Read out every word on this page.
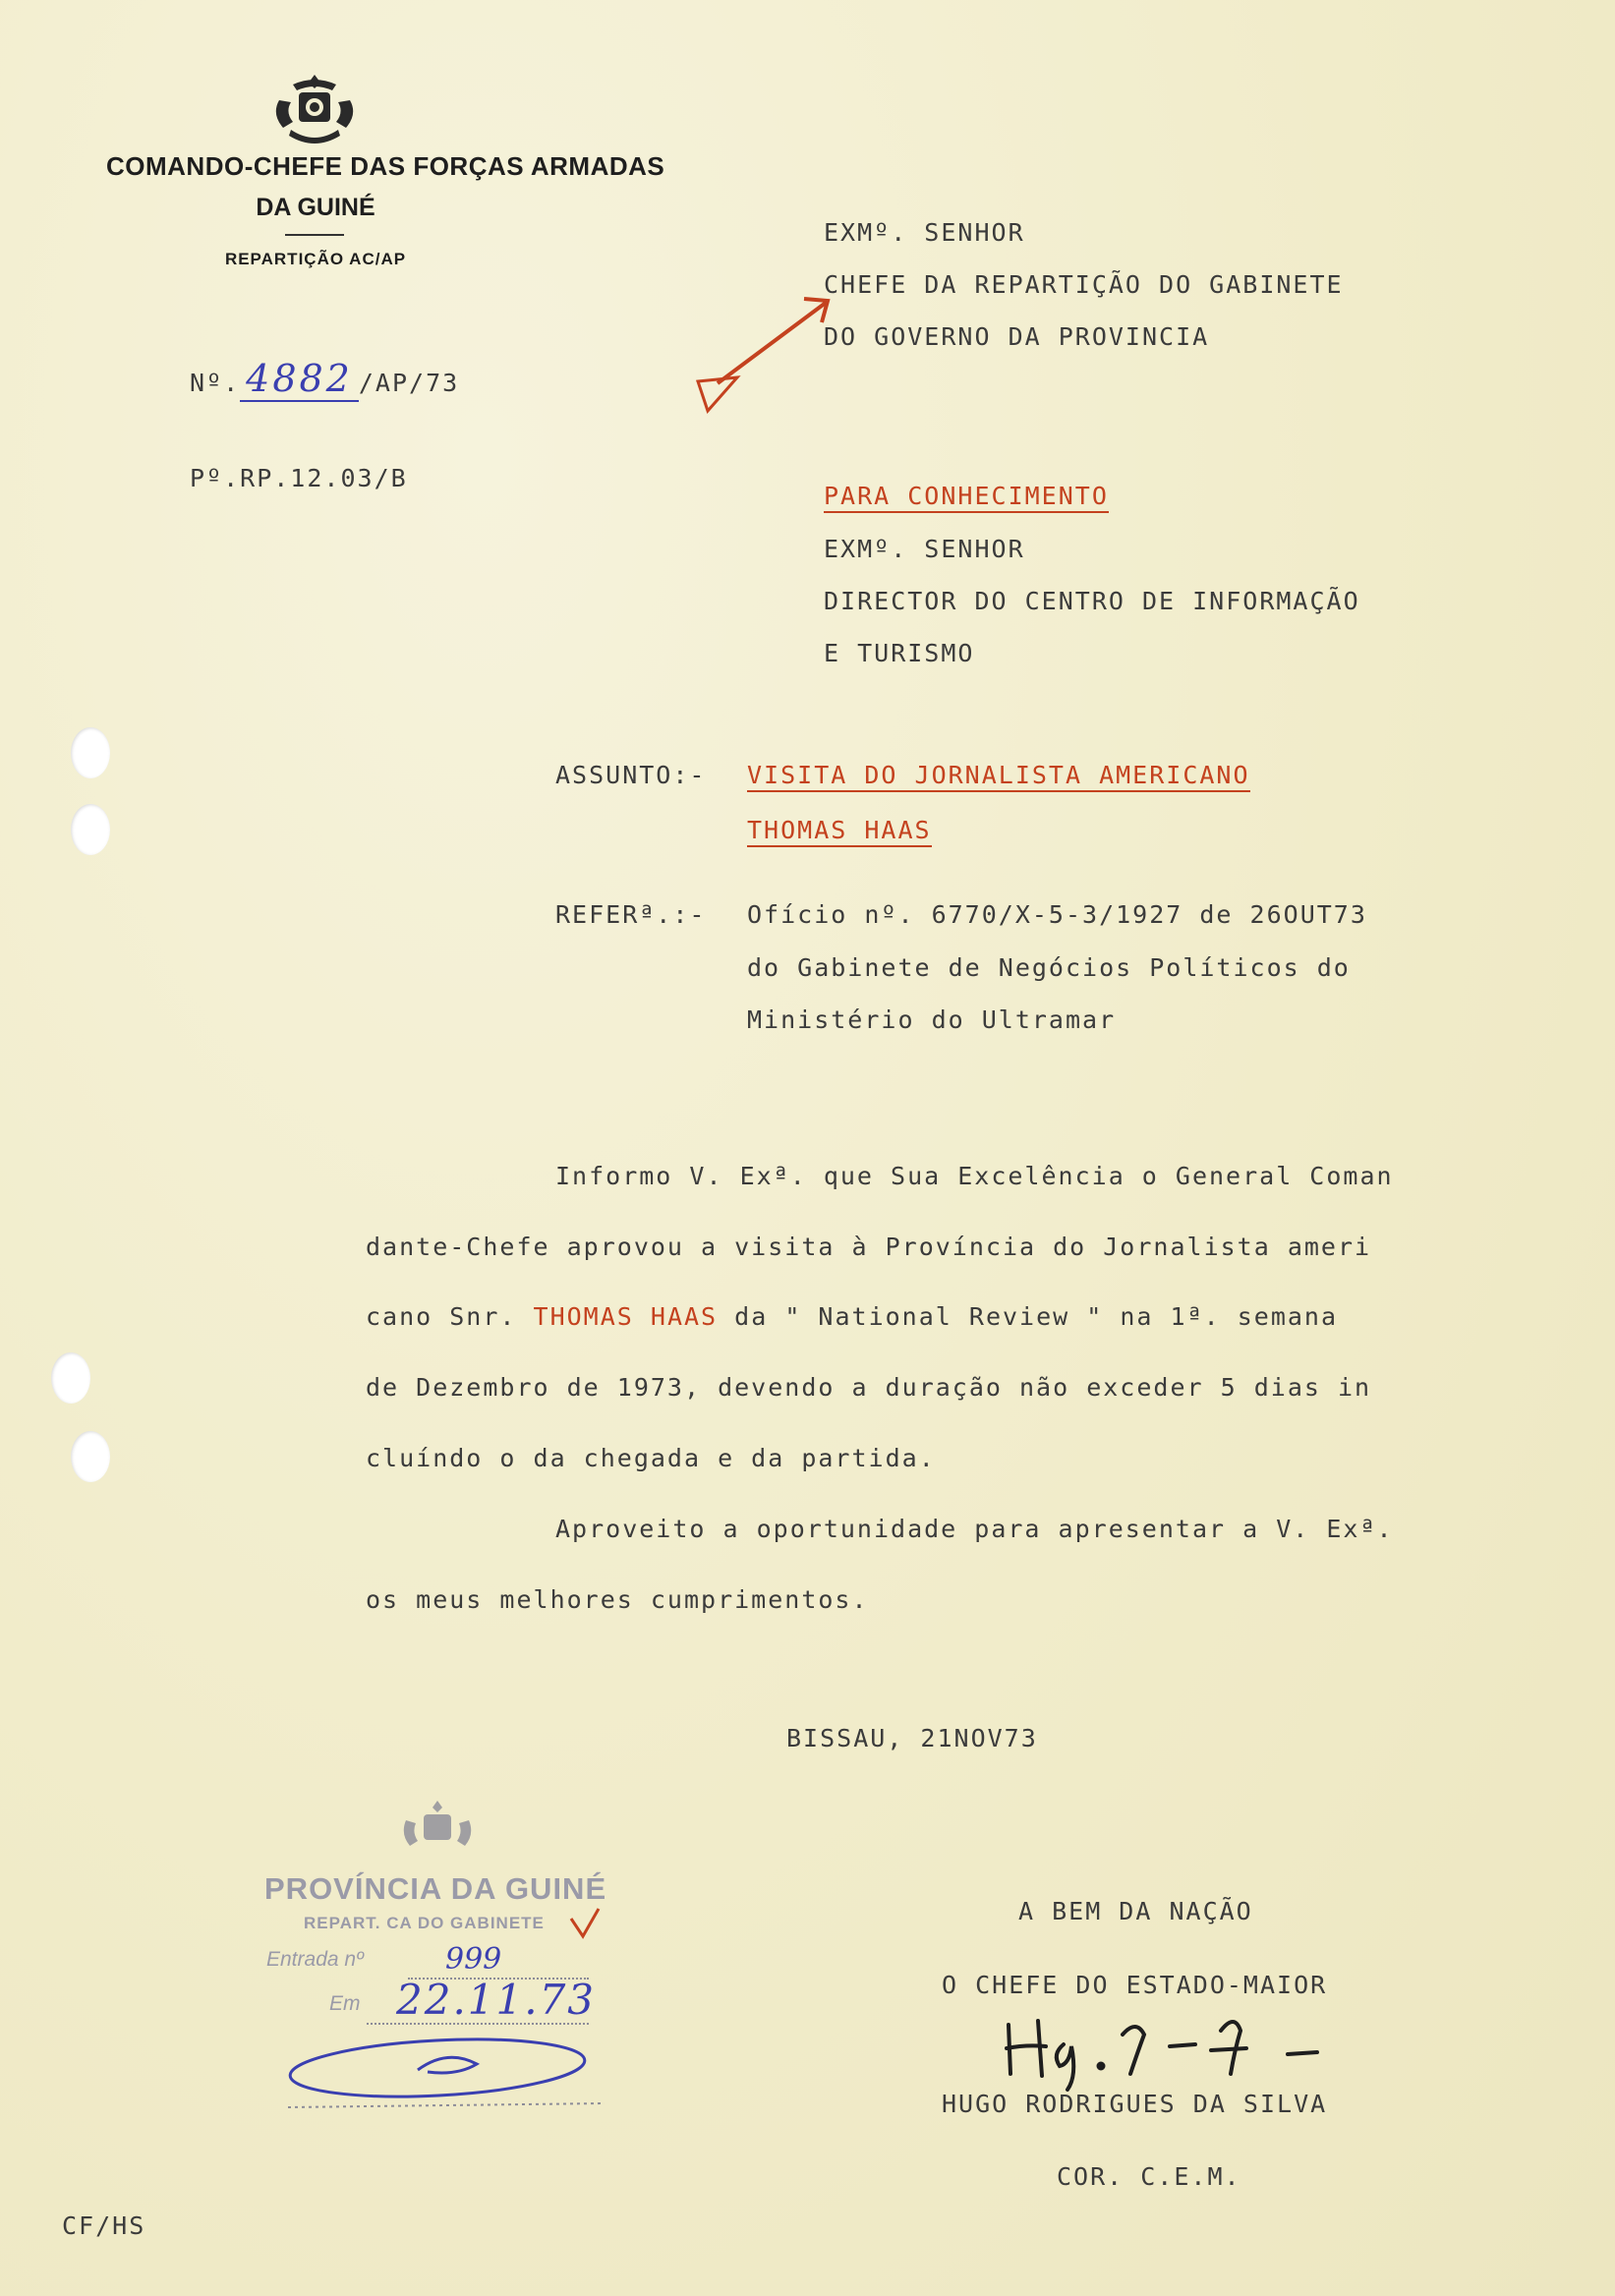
COMANDO-CHEFE DAS FORÇAS ARMADAS
DA GUINÉ
REPARTIÇÃO AC/AP
Nº. 4882 /AP/73
Pº.RP.12.03/B
EXMº. SENHOR
CHEFE DA REPARTIÇÃO DO GABINETE
DO GOVERNO DA PROVINCIA
PARA CONHECIMENTO
EXMº. SENHOR
DIRECTOR DO CENTRO DE INFORMAÇÃO
E TURISMO
ASSUNTO:- VISITA DO JORNALISTA AMERICANO
THOMAS HAAS
REFERª.:- Ofício nº. 6770/X-5-3/1927 de 26OUT73
do Gabinete de Negócios Políticos do
Ministério do Ultramar
Informo V. Exª. que Sua Excelência o General Coman
dante-Chefe aprovou a visita à Província do Jornalista ameri
cano Snr. THOMAS HAAS da " National Review " na 1ª. semana
de Dezembro de 1973, devendo a duração não exceder 5 dias in
cluíndo o da chegada e da partida.
Aproveito a oportunidade para apresentar a V. Exª.
os meus melhores cumprimentos.
BISSAU, 21NOV73
PROVÍNCIA DA GUINÉ
REPART. CA DO GABINETE
Entrada nº	999
Em 22.11.73
A BEM DA NAÇÃO
O CHEFE DO ESTADO-MAIOR
HUGO RODRIGUES DA SILVA
COR. C.E.M.
CF/HS
